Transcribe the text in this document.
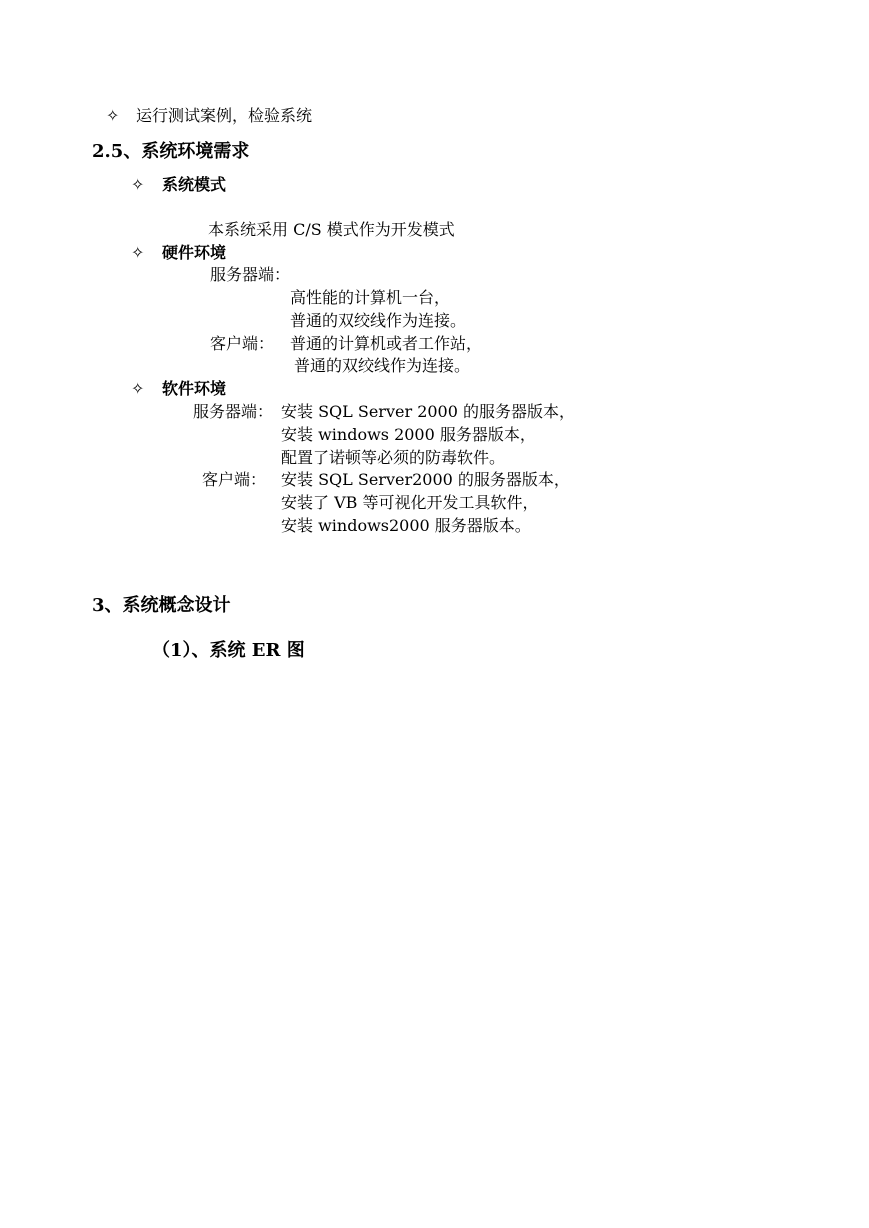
✧ 运行测试案例，检验系统
2.5、系统环境需求
✧ 系统模式
本系统采用 C/S 模式作为开发模式
✧ 硬件环境
服务器端：
高性能的计算机一台，
普通的双绞线作为连接。
客户端： 普通的计算机或者工作站，
普通的双绞线作为连接。
✧ 软件环境
服务器端： 安装 SQL Server 2000 的服务器版本，
安装 windows 2000 服务器版本，
配置了诺顿等必须的防毒软件。
客户端： 安装 SQL Server2000 的服务器版本，
安装了 VB 等可视化开发工具软件，
安装 windows2000 服务器版本。
3、系统概念设计
（1）、系统 ER 图
